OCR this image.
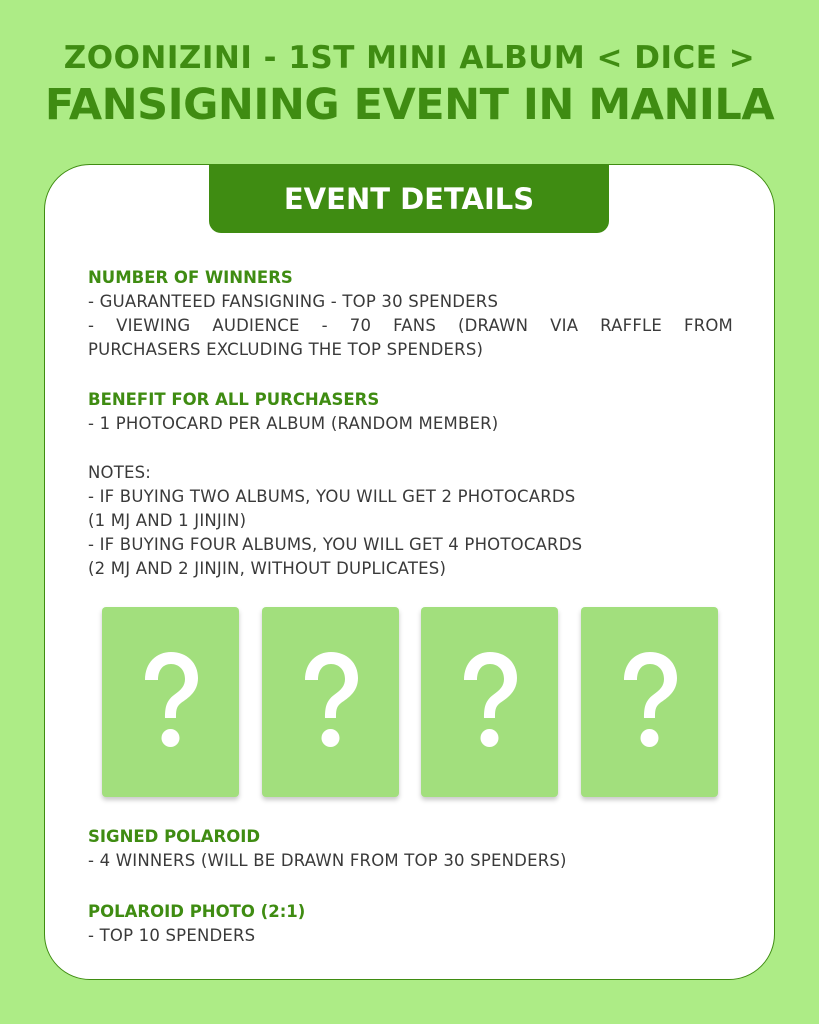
ZOONIZINI - 1ST MINI ALBUM < DICE >
FANSIGNING EVENT IN MANILA
EVENT DETAILS
NUMBER OF WINNERS
- GUARANTEED FANSIGNING - TOP 30 SPENDERS
- VIEWING AUDIENCE - 70 FANS (DRAWN VIA RAFFLE FROM
PURCHASERS EXCLUDING THE TOP SPENDERS)
BENEFIT FOR ALL PURCHASERS
- 1 PHOTOCARD PER ALBUM (RANDOM MEMBER)
NOTES:
- IF BUYING TWO ALBUMS, YOU WILL GET 2 PHOTOCARDS
(1 MJ AND 1 JINJIN)
- IF BUYING FOUR ALBUMS, YOU WILL GET 4 PHOTOCARDS
(2 MJ AND 2 JINJIN, WITHOUT DUPLICATES)
SIGNED POLAROID
- 4 WINNERS (WILL BE DRAWN FROM TOP 30 SPENDERS)
POLAROID PHOTO (2:1)
- TOP 10 SPENDERS
